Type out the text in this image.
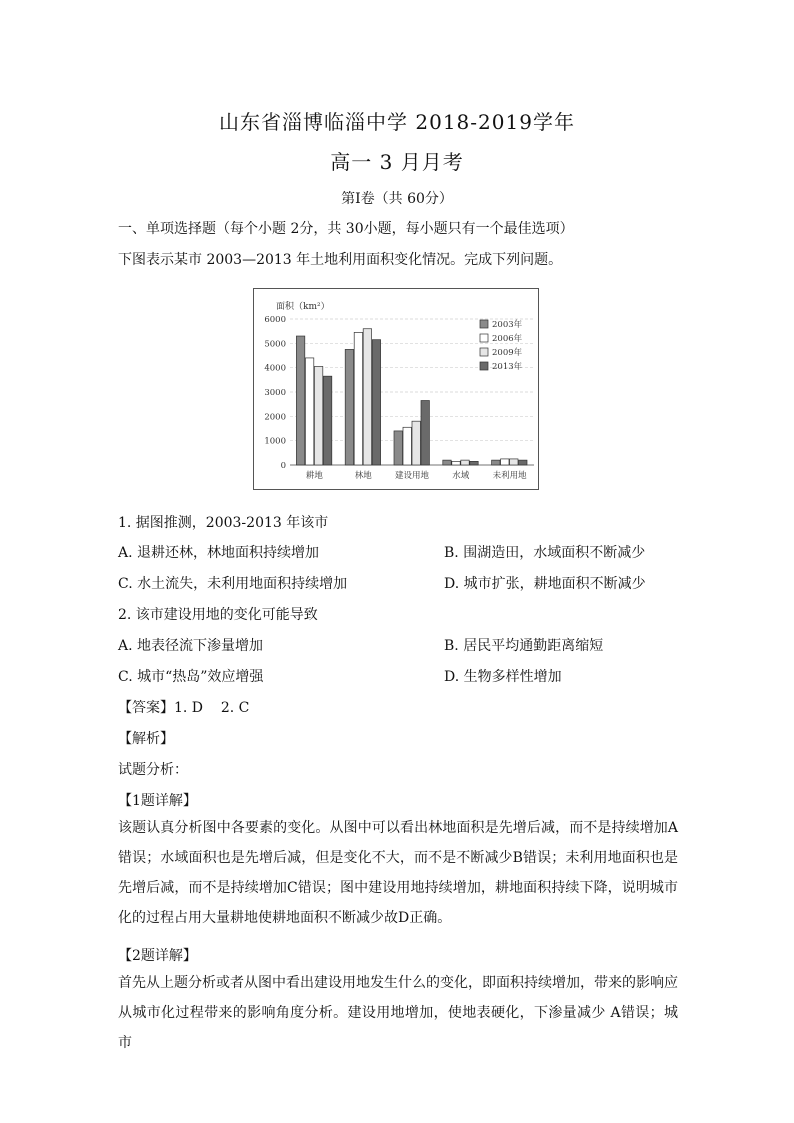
山东省淄博临淄中学 2018-2019学年
高一 3 月月考
第Ⅰ卷（共 60分）
一、单项选择题（每个小题 2分，共 30小题，每小题只有一个最佳选项）
下图表示某市 2003—2013 年土地利用面积变化情况。完成下列问题。
面积（km²）
0
1000
2000
3000
4000
5000
6000
耕地	林地	建设用地	水域	未利用地
2003年
2006年
2009年
2013年
1. 据图推测，2003-2013 年该市
A. 退耕还林，林地面积持续增加	B. 围湖造田，水域面积不断减少
C. 水土流失，未利用地面积持续增加	D. 城市扩张，耕地面积不断减少
2. 该市建设用地的变化可能导致
A. 地表径流下渗量增加	B. 居民平均通勤距离缩短
C. 城市“热岛”效应增强	D. 生物多样性增加
【答案】1. D    2. C
【解析】
试题分析：
【1题详解】
该题认真分析图中各要素的变化。从图中可以看出林地面积是先增后减，而不是持续增加A错误；水域面积也是先增后减，但是变化不大，而不是不断减少B错误；未利用地面积也是先增后减，而不是持续增加C错误；图中建设用地持续增加，耕地面积持续下降，说明城市化的过程占用大量耕地使耕地面积不断减少故D正确。
【2题详解】
首先从上题分析或者从图中看出建设用地发生什么的变化，即面积持续增加，带来的影响应从城市化过程带来的影响角度分析。建设用地增加，使地表硬化，下渗量减少 A错误；城市
